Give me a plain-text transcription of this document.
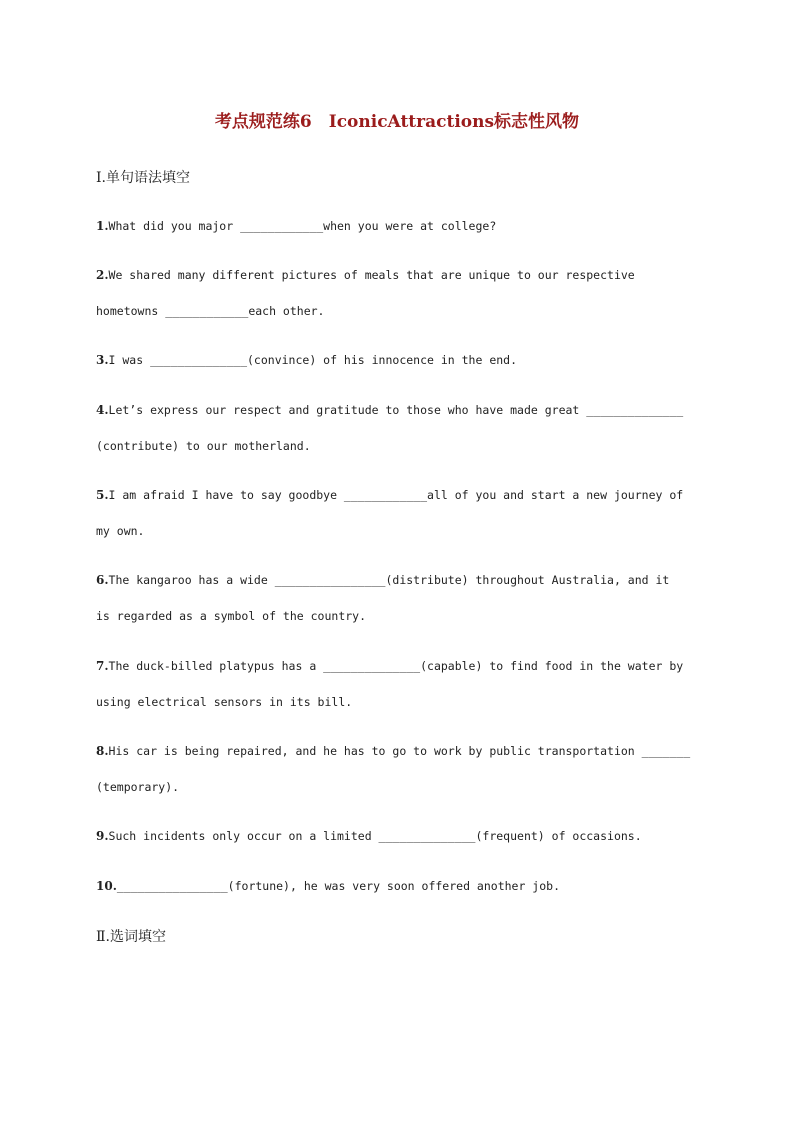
考点规范练6　IconicAttractions标志性风物
Ⅰ.单句语法填空
1.What did you major ____________when you were at college?
2.We shared many different pictures of meals that are unique to our respective
hometowns ____________each other.
3.I was ______________(convince) of his innocence in the end.
4.Let’s express our respect and gratitude to those who have made great ______________
(contribute) to our motherland.
5.I am afraid I have to say goodbye ____________all of you and start a new journey of
my own.
6.The kangaroo has a wide ________________(distribute) throughout Australia, and it
is regarded as a symbol of the country.
7.The duck-billed platypus has a ______________(capable) to find food in the water by
using electrical sensors in its bill.
8.His car is being repaired, and he has to go to work by public transportation _______
(temporary).
9.Such incidents only occur on a limited ______________(frequent) of occasions.
10.________________(fortune), he was very soon offered another job.
Ⅱ.选词填空
